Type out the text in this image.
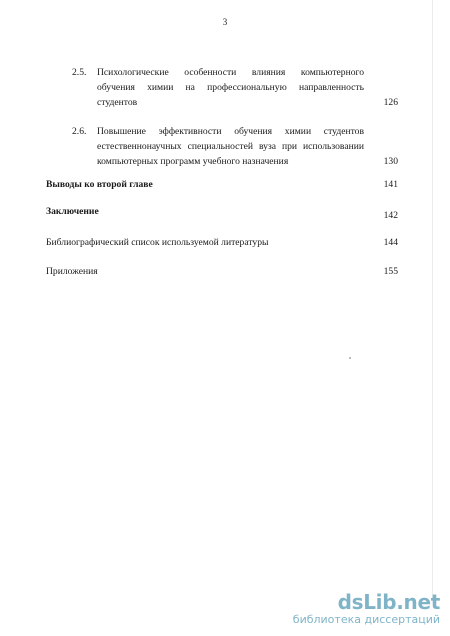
3
2.5. Психологические особенности влияния компьютерного
обучения химии на профессиональную направленность
студентов	126
2.6. Повышение эффективности обучения химии студентов
естественнонаучных специальностей вуза при использовании
компьютерных программ учебного назначения	130
Выводы ко второй главе	141
Заключение	142
Библиографический список используемой литературы	144
Приложения	155
dsLib.net
библиотека диссертаций
